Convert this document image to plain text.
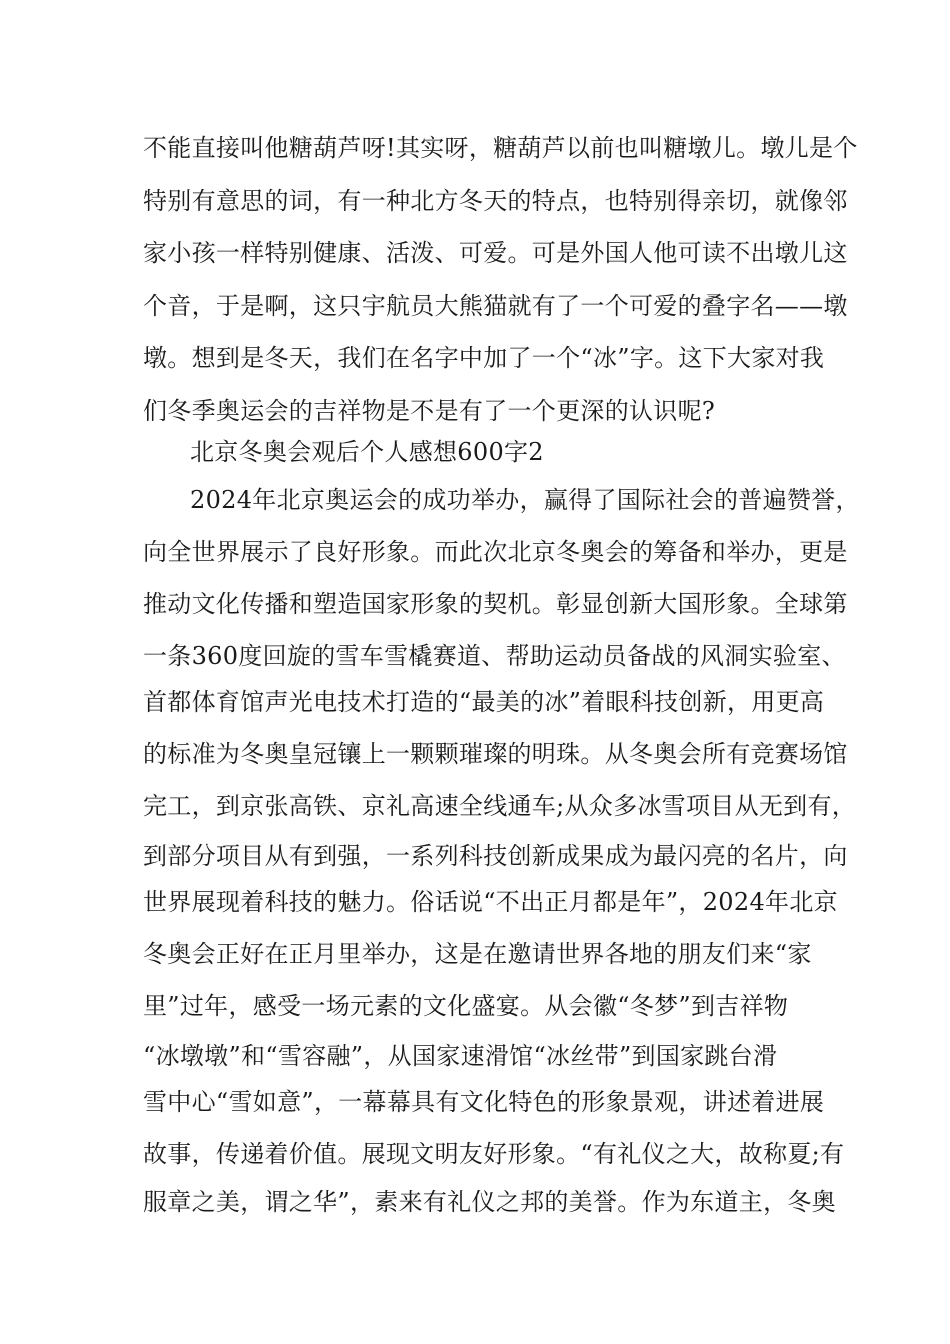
不能直接叫他糖葫芦呀!其实呀，糖葫芦以前也叫糖墩儿。墩儿是个
特别有意思的词，有一种北方冬天的特点，也特别得亲切，就像邻
家小孩一样特别健康、活泼、可爱。可是外国人他可读不出墩儿这
个音，于是啊，这只宇航员大熊猫就有了一个可爱的叠字名——墩
墩。想到是冬天，我们在名字中加了一个“冰”字。这下大家对我
们冬季奥运会的吉祥物是不是有了一个更深的认识呢?
北京冬奥会观后个人感想600字2
2024年北京奥运会的成功举办，赢得了国际社会的普遍赞誉，
向全世界展示了良好形象。而此次北京冬奥会的筹备和举办，更是
推动文化传播和塑造国家形象的契机。彰显创新大国形象。全球第
一条360度回旋的雪车雪橇赛道、帮助运动员备战的风洞实验室、
首都体育馆声光电技术打造的“最美的冰”着眼科技创新，用更高
的标准为冬奥皇冠镶上一颗颗璀璨的明珠。从冬奥会所有竞赛场馆
完工，到京张高铁、京礼高速全线通车;从众多冰雪项目从无到有，
到部分项目从有到强，一系列科技创新成果成为最闪亮的名片，向
世界展现着科技的魅力。俗话说“不出正月都是年”，2024年北京
冬奥会正好在正月里举办，这是在邀请世界各地的朋友们来“家
里”过年，感受一场元素的文化盛宴。从会徽“冬梦”到吉祥物
“冰墩墩”和“雪容融”，从国家速滑馆“冰丝带”到国家跳台滑
雪中心“雪如意”，一幕幕具有文化特色的形象景观，讲述着进展
故事，传递着价值。展现文明友好形象。“有礼仪之大，故称夏;有
服章之美，谓之华”，素来有礼仪之邦的美誉。作为东道主，冬奥
